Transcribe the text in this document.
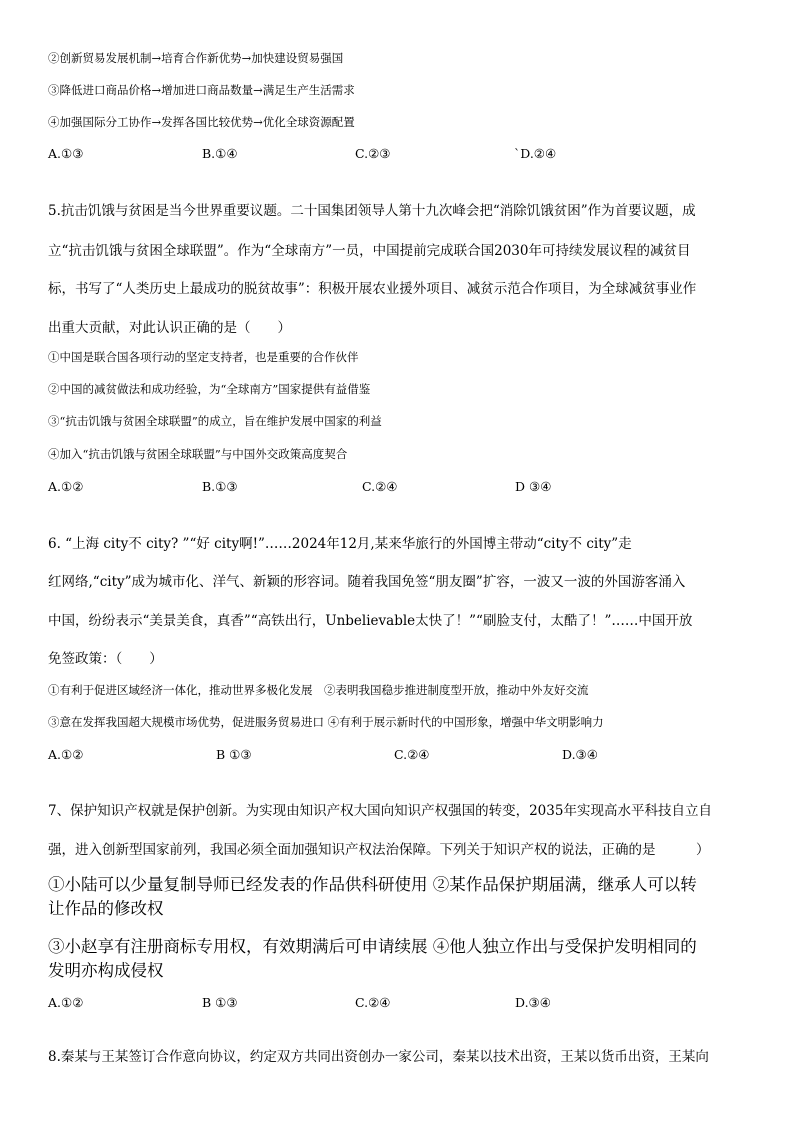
②创新贸易发展机制→培育合作新优势→加快建设贸易强国
③降低进口商品价格→增加进口商品数量→满足生产生活需求
④加强国际分工协作→发挥各国比较优势→优化全球资源配置
A.①③	B.①④	C.②③	`D.②④
5.抗击饥饿与贫困是当今世界重要议题。二十国集团领导人第十九次峰会把“消除饥饿贫困”作为首要议题，成
立“抗击饥饿与贫困全球联盟”。作为“全球南方”一员，中国提前完成联合国2030年可持续发展议程的减贫目
标，书写了“人类历史上最成功的脱贫故事”：积极开展农业援外项目、减贫示范合作项目，为全球减贫事业作
出重大贡献，对此认识正确的是（　　）
①中国是联合国各项行动的坚定支持者，也是重要的合作伙伴
②中国的减贫做法和成功经验，为“全球南方”国家提供有益借鉴
③“抗击饥饿与贫困全球联盟”的成立，旨在维护发展中国家的利益
④加入“抗击饥饿与贫困全球联盟”与中国外交政策高度契合
A.①②	B.①③	C.②④	D ③④
6. “上海 city不 city? ”“好 city啊!”……2024年12月,某来华旅行的外国博主带动“city不 city”走
红网络,“city”成为城市化、洋气、新颖的形容词。随着我国免签“朋友圈”扩容，一波又一波的外国游客涌入
中国，纷纷表示“美景美食，真香”“高铁出行，Unbelievable太快了！”“刷脸支付，太酷了！”……中国开放
免签政策：（　　）
①有利于促进区域经济一体化，推动世界多极化发展　②表明我国稳步推进制度型开放，推动中外友好交流
③意在发挥我国超大规模市场优势，促进服务贸易进口 ④有利于展示新时代的中国形象，增强中华文明影响力
A.①②	B ①③	C.②④	D.③④
7、保护知识产权就是保护创新。为实现由知识产权大国向知识产权强国的转变，2035年实现高水平科技自立自
强，进入创新型国家前列，我国必须全面加强知识产权法治保障。下列关于知识产权的说法，正确的是　　　）
①小陆可以少量复制导师已经发表的作品供科研使用 ②某作品保护期届满，继承人可以转
让作品的修改权
③小赵享有注册商标专用权，有效期满后可申请续展 ④他人独立作出与受保护发明相同的
发明亦构成侵权
A.①②	B ①③	C.②④	D.③④
8.秦某与王某签订合作意向协议，约定双方共同出资创办一家公司，秦某以技术出资，王某以货币出资，王某向
